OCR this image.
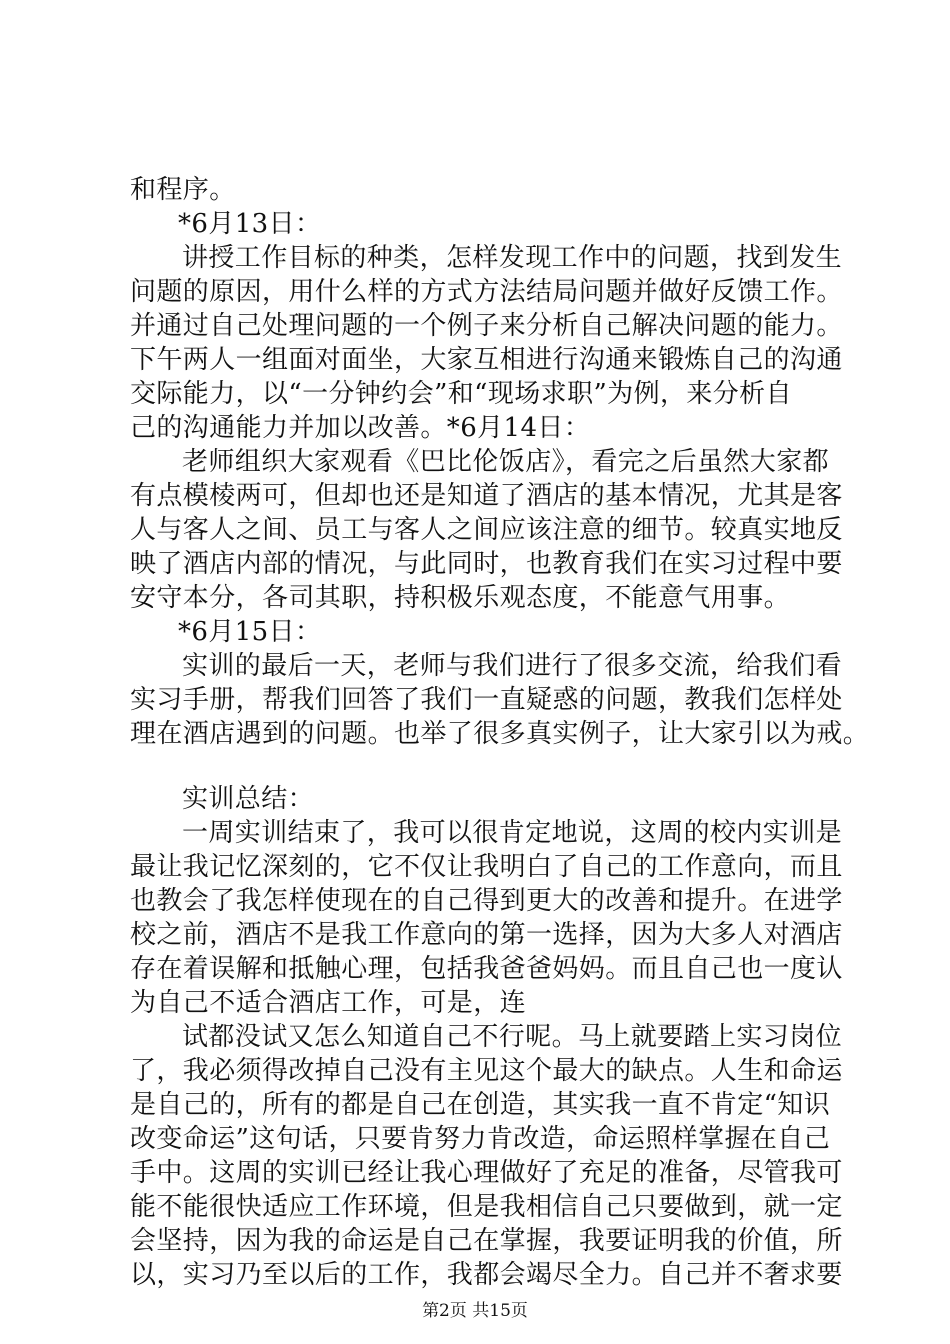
和程序。
*6月13日：
讲授工作目标的种类，怎样发现工作中的问题，找到发生
问题的原因，用什么样的方式方法结局问题并做好反馈工作。
并通过自己处理问题的一个例子来分析自己解决问题的能力。
下午两人一组面对面坐，大家互相进行沟通来锻炼自己的沟通
交际能力，以“一分钟约会”和“现场求职”为例，来分析自
己的沟通能力并加以改善。*6月14日：
老师组织大家观看《巴比伦饭店》，看完之后虽然大家都
有点模棱两可，但却也还是知道了酒店的基本情况，尤其是客
人与客人之间、员工与客人之间应该注意的细节。较真实地反
映了酒店内部的情况，与此同时，也教育我们在实习过程中要
安守本分，各司其职，持积极乐观态度，不能意气用事。
*6月15日：
实训的最后一天，老师与我们进行了很多交流，给我们看
实习手册，帮我们回答了我们一直疑惑的问题，教我们怎样处
理在酒店遇到的问题。也举了很多真实例子，让大家引以为戒。
实训总结：
一周实训结束了，我可以很肯定地说，这周的校内实训是
最让我记忆深刻的，它不仅让我明白了自己的工作意向，而且
也教会了我怎样使现在的自己得到更大的改善和提升。在进学
校之前，酒店不是我工作意向的第一选择，因为大多人对酒店
存在着误解和抵触心理，包括我爸爸妈妈。而且自己也一度认
为自己不适合酒店工作，可是，连
试都没试又怎么知道自己不行呢。马上就要踏上实习岗位
了，我必须得改掉自己没有主见这个最大的缺点。人生和命运
是自己的，所有的都是自己在创造，其实我一直不肯定“知识
改变命运”这句话，只要肯努力肯改造，命运照样掌握在自己
手中。这周的实训已经让我心理做好了充足的准备，尽管我可
能不能很快适应工作环境，但是我相信自己只要做到，就一定
会坚持，因为我的命运是自己在掌握，我要证明我的价值，所
以，实习乃至以后的工作，我都会竭尽全力。自己并不奢求要
第2页 共15页
